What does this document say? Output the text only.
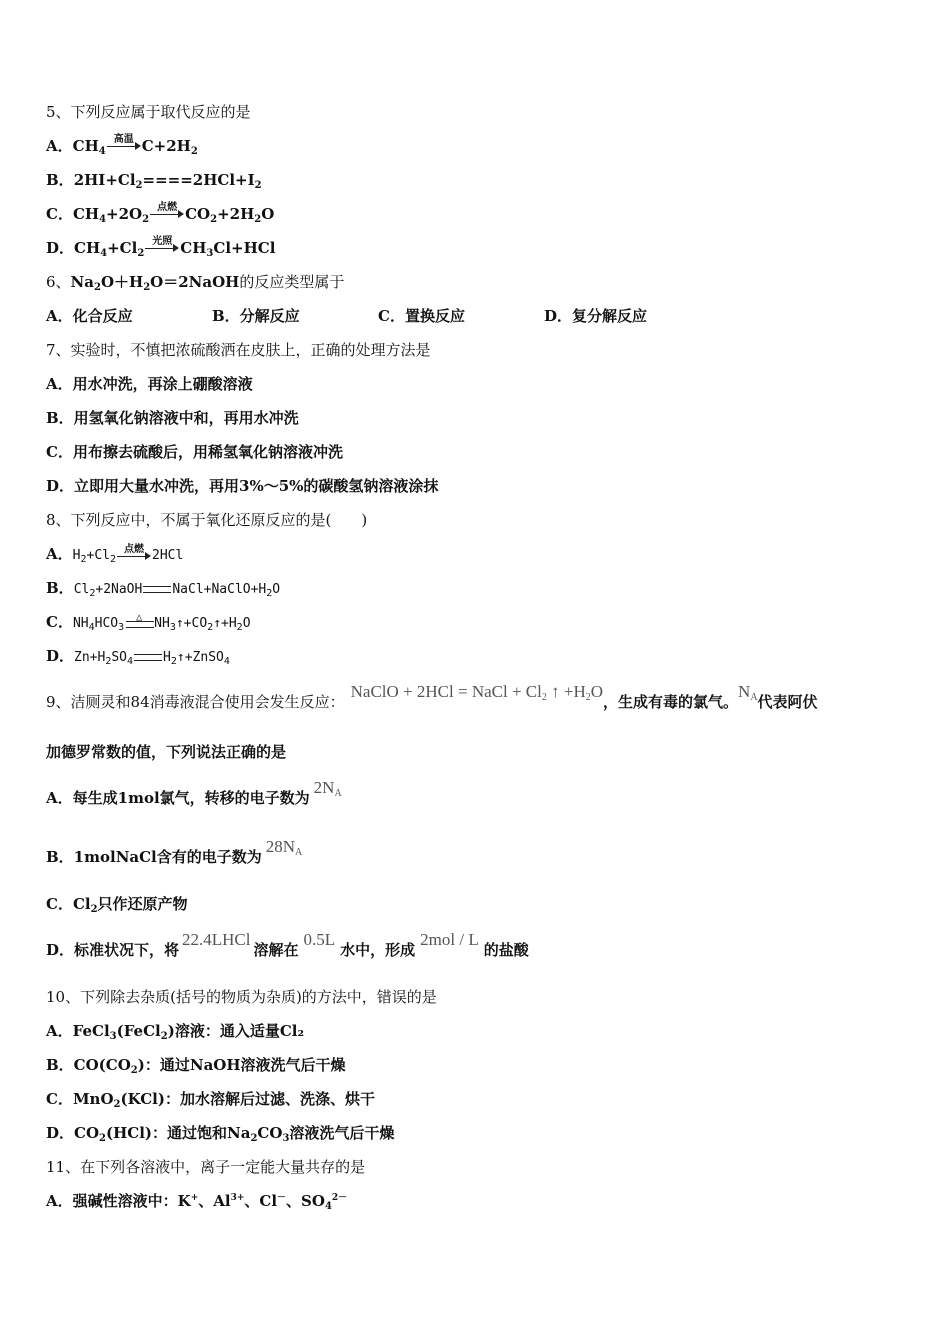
5、下列反应属于取代反应的是
A．$CH_4$
高温 $C+2H_2$
B．$2HI+Cl_2====2HCl+I_2$
C．$CH_4+2O_2$
点燃 $CO_2+2H_2O$
D．$CH_4+Cl_2$
光照 $CH_3Cl+HCl$
6、$Na_2O+H_2O=2NaOH$的反应类型属于
A．化合反应	B．分解反应	C．置换反应	D．复分解反应
7、实验时，不慎把浓硫酸洒在皮肤上，正确的处理方法是
A．用水冲洗，再涂上硼酸溶液
B．用氢氧化钠溶液中和，再用水冲洗
C．用布擦去硫酸后，用稀氢氧化钠溶液冲洗
D．立即用大量水冲洗，再用3%～5%的碳酸氢钠溶液涂抹
8、下列反应中，不属于氧化还原反应的是(　　)
A．$H_2+Cl_2$
点燃 2HCl
B．$Cl_2+2NaOH$ $NaCl+NaClO+H_2O$
C．$NH_4HCO_3$
△ $NH_3↑+CO_2↑+H_2O$
D．$Zn+H_2SO_4$ $H_2↑+ZnSO_4$
9、洁厕灵和84消毒液混合使用会发生反应：NaClO + 2HCl = NaCl + $Cl_2$ ↑ $+H_2O$，生成有毒的氯气。$N_A$代表阿伏
加德罗常数的值，下列说法正确的是
A．每生成1mol氯气，转移的电子数为$2N_A$
B．1molNaCl含有的电子数为$28N_A$
C．$Cl_2$只作还原产物
D．标准状况下，将22.4LHCl溶解在0.5L水中，形成2mol / L的盐酸
10、下列除去杂质(括号的物质为杂质)的方法中，错误的是
A．FeCl$_3$(FeCl$_2$)溶液：通入适量Cl₂
B．$CO(CO_2)$：通过NaOH溶液洗气后干燥
C．MnO$_2$(KCl)：加水溶解后过滤、洗涤、烘干
D．$CO_2(HCl)$：通过饱和$Na_2CO_3$溶液洗气后干燥
11、在下列各溶液中，离子一定能大量共存的是
A．强碱性溶液中：K+、$Al^{3+}$、Cl－、$SO_4^{2-}$
